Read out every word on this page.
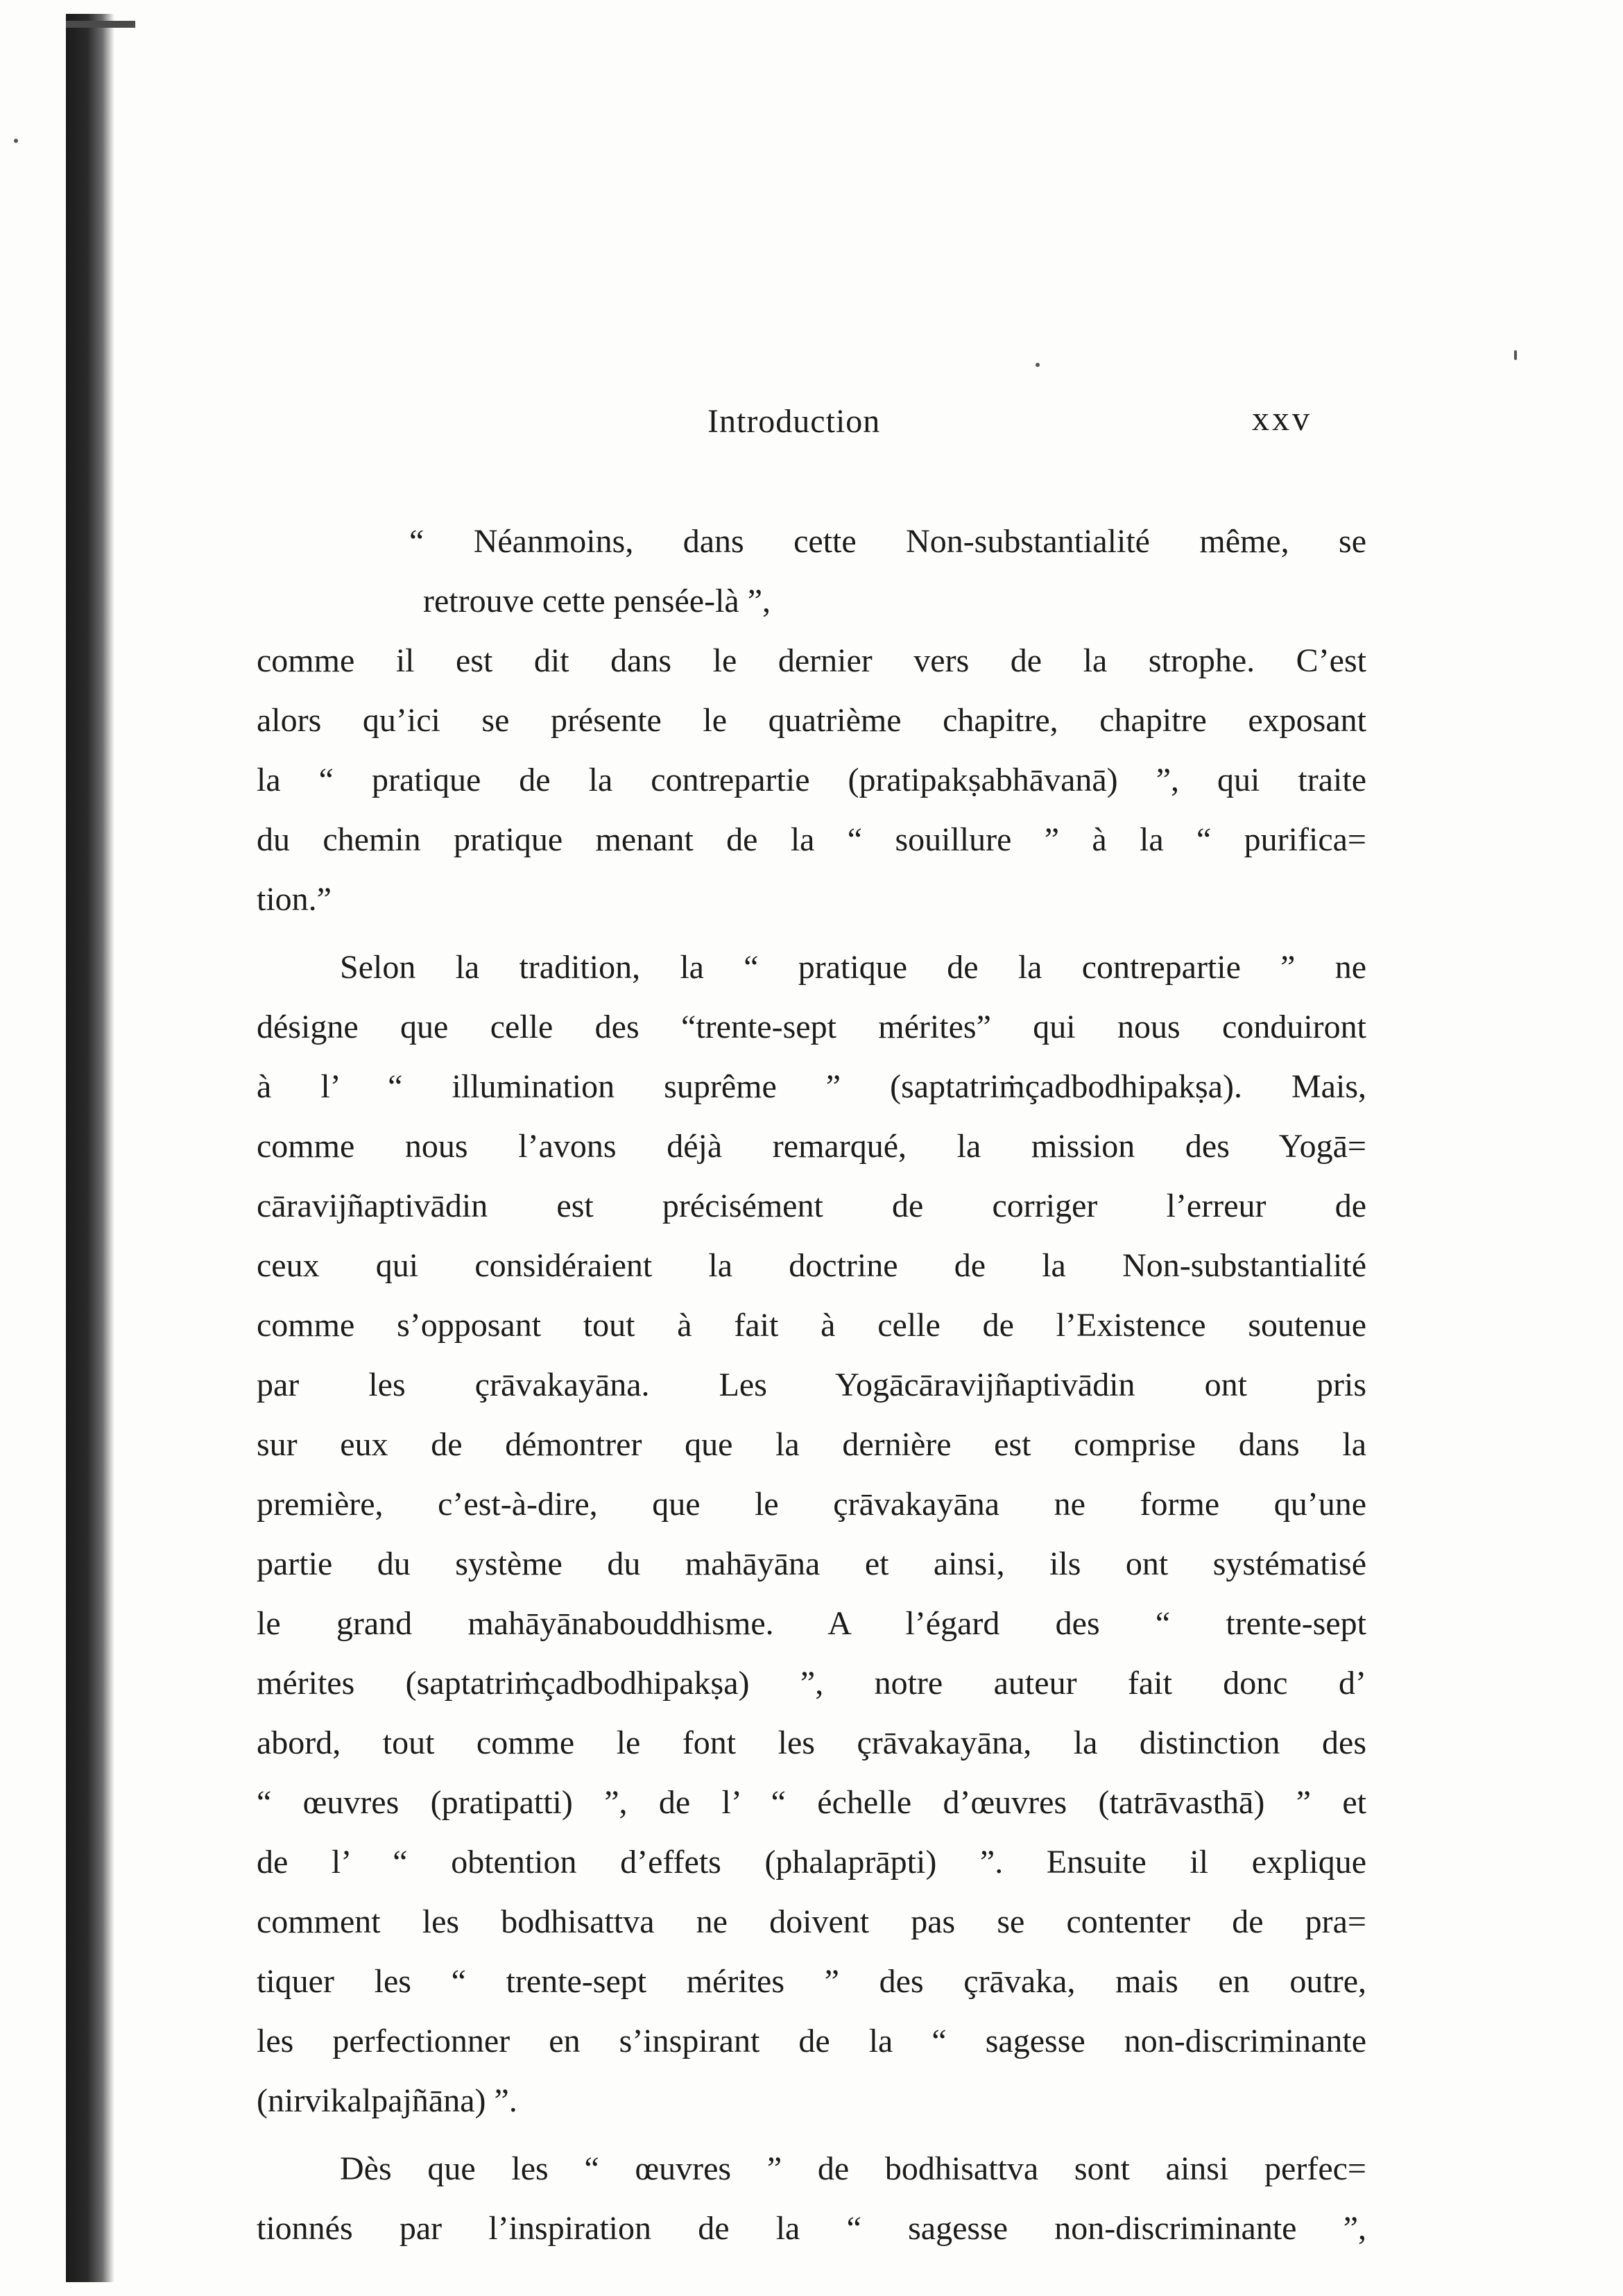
Introduction	xxv
“ Néanmoins, dans cette Non-substantialité même, se
retrouve cette pensée-là ”,
comme il est dit dans le dernier vers de la strophe. C’est
alors qu’ici se présente le quatrième chapitre, chapitre exposant
la “ pratique de la contrepartie (pratipakṣabhāvanā) ”, qui traite
du chemin pratique menant de la “ souillure ” à la “ purifica=
tion.”
Selon la tradition, la “ pratique de la contrepartie ” ne
désigne que celle des “trente-sept mérites” qui nous conduiront
à l’ “ illumination suprême ” (saptatriṁçadbodhipakṣa). Mais,
comme nous l’avons déjà remarqué, la mission des Yogā=
cāravijñaptivādin est précisément de corriger l’erreur de
ceux qui considéraient la doctrine de la Non-substantialité
comme s’opposant tout à fait à celle de l’Existence soutenue
par les çrāvakayāna. Les Yogācāravijñaptivādin ont pris
sur eux de démontrer que la dernière est comprise dans la
première, c’est-à-dire, que le çrāvakayāna ne forme qu’une
partie du système du mahāyāna et ainsi, ils ont systématisé
le grand mahāyānabouddhisme. A l’égard des “ trente-sept
mérites (saptatriṁçadbodhipakṣa) ”, notre auteur fait donc d’
abord, tout comme le font les çrāvakayāna, la distinction des
“ œuvres (pratipatti) ”, de l’ “ échelle d’œuvres (tatrāvasthā) ” et
de l’ “ obtention d’effets (phalaprāpti) ”. Ensuite il explique
comment les bodhisattva ne doivent pas se contenter de pra=
tiquer les “ trente-sept mérites ” des çrāvaka, mais en outre,
les perfectionner en s’inspirant de la “ sagesse non-discriminante
(nirvikalpajñāna) ”.
Dès que les “ œuvres ” de bodhisattva sont ainsi perfec=
tionnés par l’inspiration de la “ sagesse non-discriminante ”,
